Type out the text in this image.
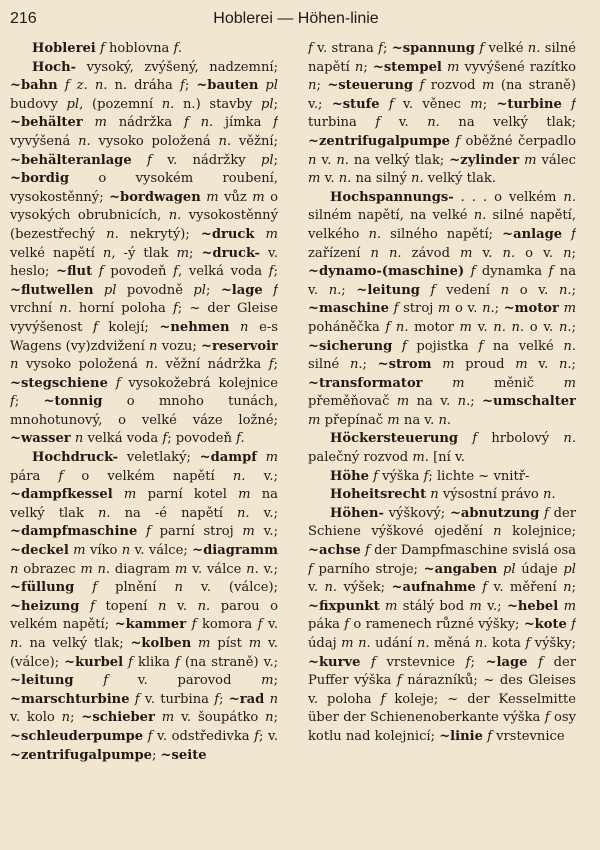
216	Hoblerei — Höhen-linie

Hoblerei f hoblovna f.

Hoch- vysoký, zvýšený, nadzemní; ~bahn f z. n. n. dráha f; ~bauten pl budovy pl, (pozemní n. n.) stavby pl; ~behälter m nádržka f n. jímka f vyvýšená n. vysoko položená n. věžní; ~behälteranlage f v. nádržky pl; ~bordig o vysokém roubení, vysokostěnný; ~bordwagen m vůz m o vysokých obrubnicích, n. vysokostěnný (bezestřechý n. nekrytý); ~druck m velké napětí n, -ý tlak m; ~druck- v. heslo; ~flut f povodeň f, velká voda f; ~flutwellen pl povodně pl; ~lage f vrchní n. horní poloha f; ~ der Gleise vyvýšenost f kolejí; ~nehmen n e-s Wagens (vy)zdvižení n vozu; ~reservoir n vysoko položená n. věžní nádržka f; ~stegschiene f vysokožebrá kolejnice f; ~tonnig o mnoho tunách, mnohotunový, o velké váze ložné; ~wasser n velká voda f; povodeň f.

Hochdruck- veletlaký; ~dampf m pára f o velkém napětí n. v.; ~dampfkessel m parní kotel m na velký tlak n. na -é napětí n. v.; ~dampfmaschine f parní stroj m v.; ~deckel m víko n v. válce; ~diagramm n obrazec m n. diagram m v. válce n. v.; ~füllung f plnění n v. (válce); ~heizung f topení n v. n. parou o velkém napětí; ~kammer f komora f v. n. na velký tlak; ~kolben m píst m v. (válce); ~kurbel f klika f (na straně) v.; ~leitung f v. parovod m; ~marschturbine f v. turbina f; ~rad n v. kolo n; ~schieber m v. šoupátko n; ~schleuderpumpe f v. odstředivka f; v. ~zentrifugalpumpe; ~seite

f v. strana f; ~spannung f velké n. silné napětí n; ~stempel m vyvýšené razítko n; ~steuerung f rozvod m (na straně) v.; ~stufe f v. věnec m; ~turbine f turbina f v. n. na velký tlak; ~zentrifugalpumpe f oběžné čerpadlo n v. n. na velký tlak; ~zylinder m válec m v. n. na silný n. velký tlak.

Hochspannungs- . . . o velkém n. silném napětí, na velké n. silné napětí, velkého n. silného napětí; ~anlage f zařízení n n. závod m v. n. o v. n; ~dynamo-(maschine) f dynamka f na v. n.; ~leitung f vedení n o v. n.; ~maschine f stroj m o v. n.; ~motor m poháněčka f n. motor m v. n. n. o v. n.; ~sicherung f pojistka f na velké n. silné n.; ~strom m proud m v. n.; ~transformator m měnič m přeměňovač m na v. n.; ~umschalter m přepínač m na v. n.

Höckersteuerung f hrbolový n. palečný rozvod m. [ní v.

Höhe f výška f; lichte ~ vnitř-

Hoheitsrecht n výsostní právo n.

Höhen- výškový; ~abnutzung f der Schiene výškové ojedění n kolejnice; ~achse f der Dampfmaschine svislá osa f parního stroje; ~angaben pl údaje pl v. n. výšek; ~aufnahme f v. měření n; ~fixpunkt m stálý bod m v.; ~hebel m páka f o ramenech různé výšky; ~kote f údaj m n. udání n. měná n. kota f výšky; ~kurve f vrstevnice f; ~lage f der Puffer výška f nárazníků; ~ des Gleises v. poloha f koleje; ~ der Kesselmitte über der Schienenoberkante výška f osy kotlu nad kolejnicí; ~linie f vrstevnice
